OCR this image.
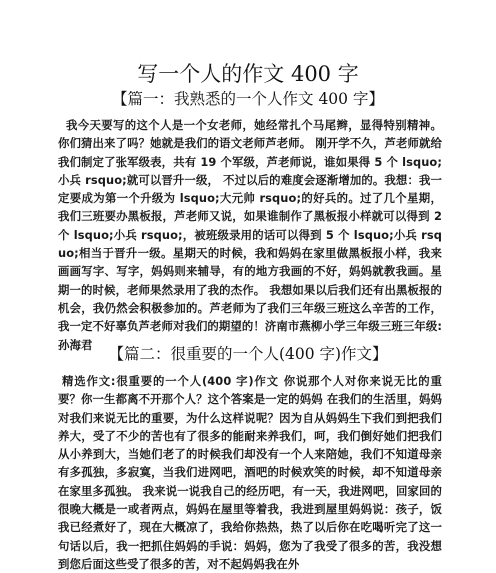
写一个人的作文 400 字
【篇一：我熟悉的一个人作文 400 字】

我今天要写的这个人是一个女老师，她经常扎个马尾辫，显得特别精神。你们猜出来了吗？她就是我们的语文老师芦老师。 刚开学不久，芦老师就给我们制定了张军级表，共有 19 个军级，芦老师说，谁如果得 5 个 lsquo;小兵 rsquo;就可以晋升一级， 不过以后的难度会逐渐增加的。我想：我一定要成为第一个升级为 lsquo;大元帅 rsquo;的好兵的。过了几个星期，我们三班要办黑板报，芦老师又说，如果谁制作了黑板报小样就可以得到 2 个 lsquo;小兵 rsquo;，被班级录用的话可以得到 5 个 lsquo;小兵 rsquo;相当于晋升一级。星期天的时候，我和妈妈在家里做黑板报小样，我来画画写字、写字，妈妈则来辅导，有的地方我画的不好，妈妈就教我画。星期一的时候，老师果然录用了我的杰作。 我想如果以后我们还有出黑板报的机会，我仍然会积极参加的。芦老师为了我们三年级三班这么辛苦的工作，我一定不好辜负芦老师对我们的期望的！济南市燕柳小学三年级三班三年级:孙海君

【篇二：很重要的一个人(400 字)作文】

精选作文:很重要的一个人(400 字)作文 你说那个人对你来说无比的重要？你一生都离不开那个人？这个答案是一定的妈妈 在我们的生活里，妈妈对我们来说无比的重要，为什么这样说呢？因为自从妈妈生下我们到把我们养大，受了不少的苦也有了很多的能耐来养我们，呵，我们倒好她们把我们从小养到大，当她们老了的时候我们却没有一个人来陪她，我们不知道母亲有多孤独，多寂寞，当我们进网吧，酒吧的时候欢笑的时候，却不知道母亲在家里多孤独。 我来说一说我自己的经历吧，有一天，我进网吧，回家回的很晚大概是一或者两点，妈妈在屋里等着我，我进到屋里妈妈说：孩子，饭我已经煮好了，现在大概凉了，我给你热热，热了以后你在吃喝听完了这一句话以后，我一把抓住妈妈的手说：妈妈，您为了我受了很多的苦，我没想到您后面这些受了很多的苦，对不起妈妈我在外
